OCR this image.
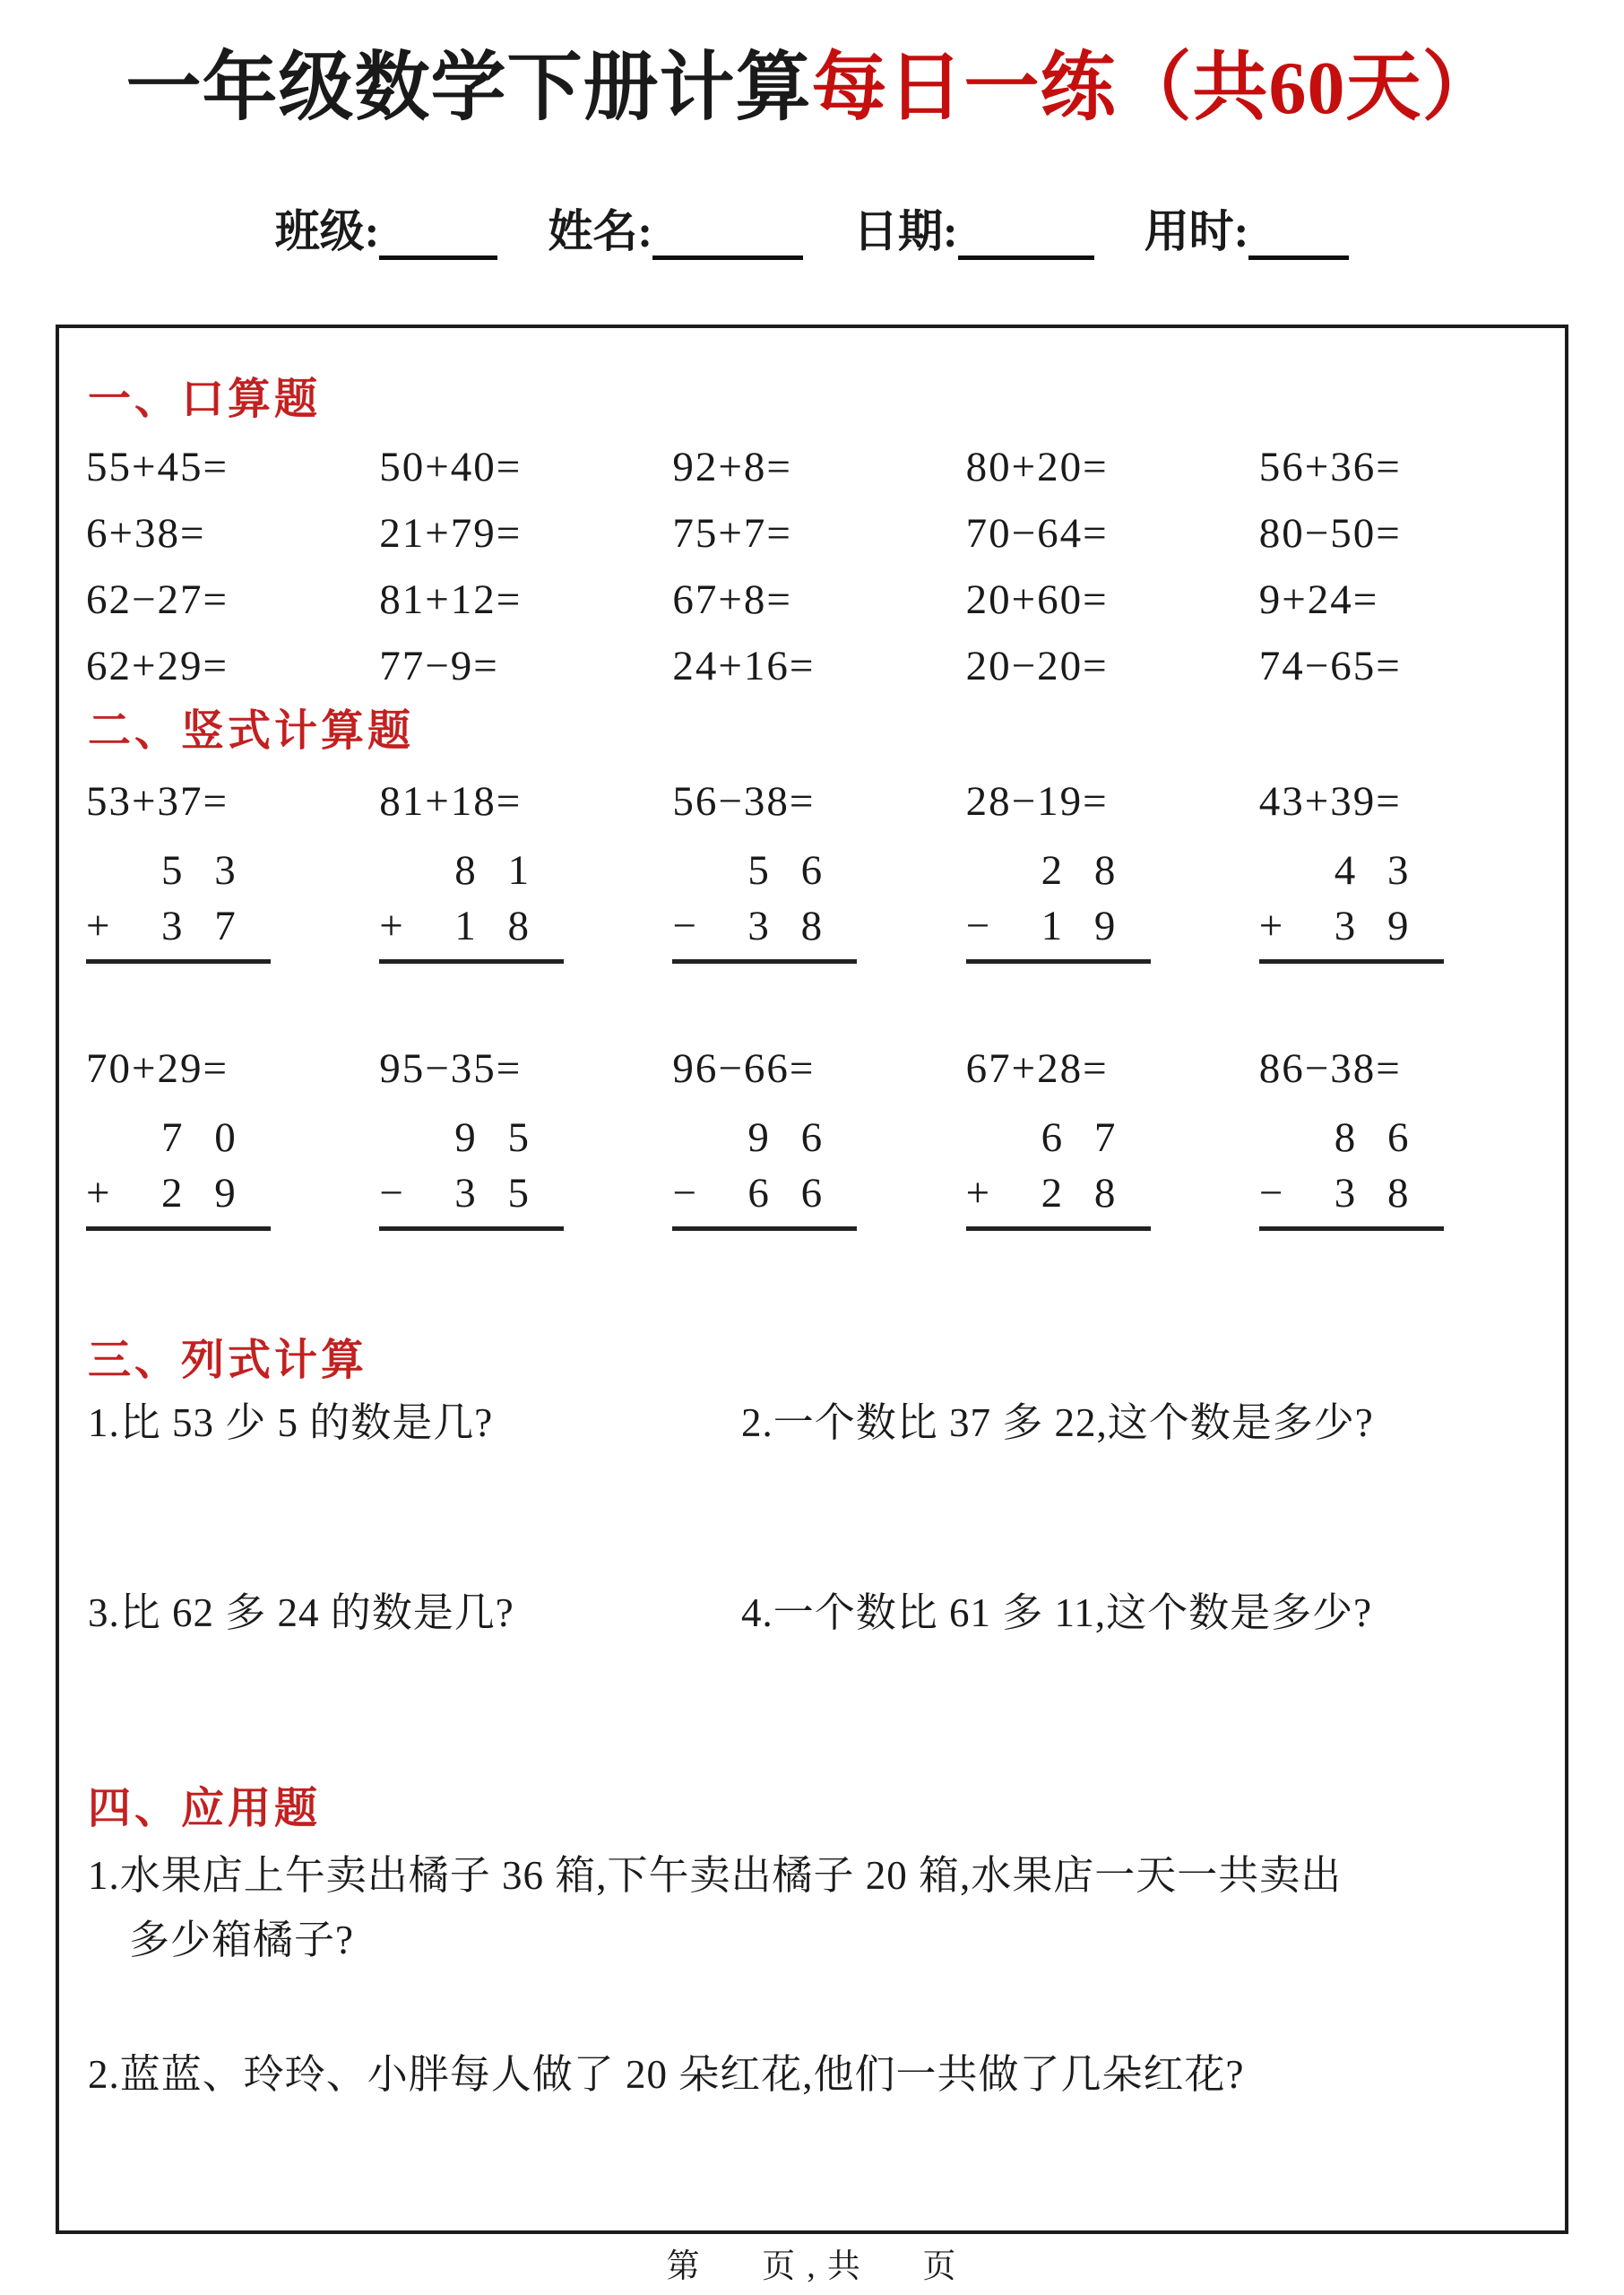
一年级数学下册计算每日一练（共60天）
班级:	姓名:	日期:	用时:
一、口算题
55+45=	50+40=	92+8=	80+20=	56+36=
6+38=	21+79=	75+7=	70−64=	80−50=
62−27=	81+12=	67+8=	20+60=	9+24=
62+29=	77−9=	24+16=	20−20=	74−65=
二、竖式计算题
53+37=
5 3
+	3 7
81+18=
8 1
+	1 8
56−38=
5 6
−	3 8
28−19=
2 8
−	1 9
43+39=
4 3
+	3 9
70+29=
7 0
+	2 9
95−35=
9 5
−	3 5
96−66=
9 6
−	6 6
67+28=
6 7
+	2 8
86−38=
8 6
−	3 8
三、列式计算
1.比 53 少 5 的数是几?	2.一个数比 37 多 22,这个数是多少?
3.比 62 多 24 的数是几?	4.一个数比 61 多 11,这个数是多少?
四、应用题
1.水果店上午卖出橘子 36 箱,下午卖出橘子 20 箱,水果店一天一共卖出
多少箱橘子?
2.蓝蓝、玲玲、小胖每人做了 20 朵红花,他们一共做了几朵红花?
第      页 , 共      页
